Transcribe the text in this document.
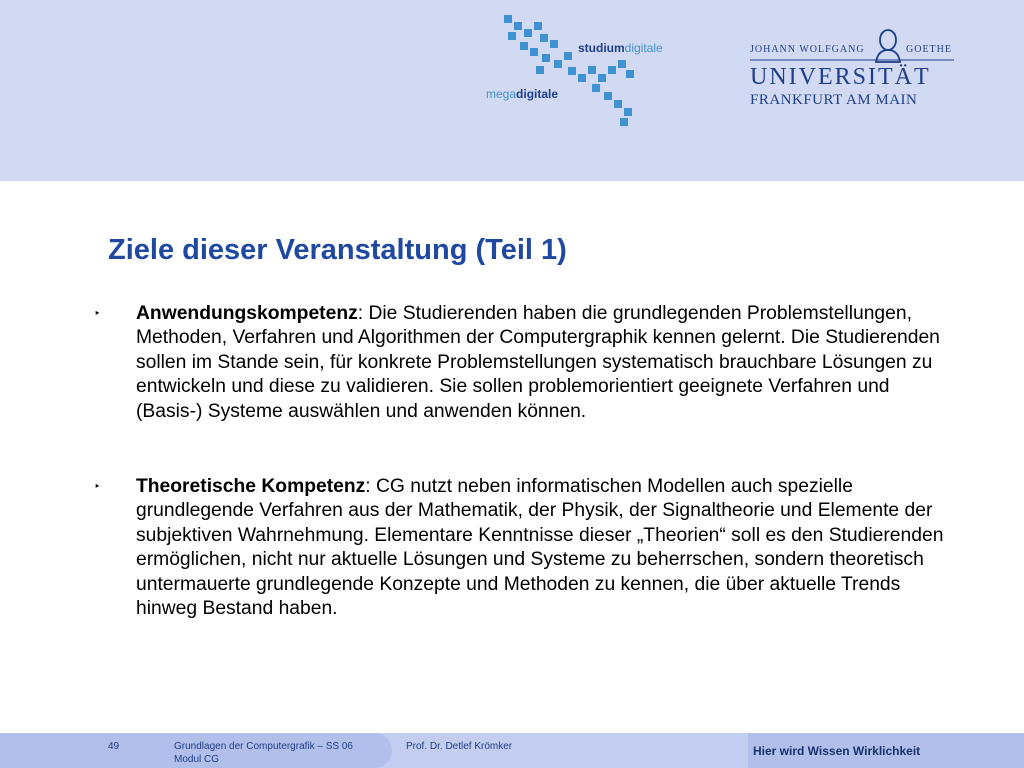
studiumdigitale
megadigitale
JOHANN WOLFGANG	GOETHE
UNIVERSITÄT
FRANKFURT AM MAIN
Ziele dieser Veranstaltung (Teil 1)
‣ Anwendungskompetenz: Die Studierenden haben die grundlegenden Problemstellungen, Methoden, Verfahren und Algorithmen der Computergraphik kennen gelernt. Die Studierenden sollen im Stande sein, für konkrete Problemstellungen systematisch brauchbare Lösungen zu entwickeln und diese zu validieren. Sie sollen problemorientiert geeignete Verfahren und (Basis-) Systeme auswählen und anwenden können.
‣ Theoretische Kompetenz: CG nutzt neben informatischen Modellen auch spezielle grundlegende Verfahren aus der Mathematik, der Physik, der Signaltheorie und Elemente der subjektiven Wahrnehmung. Elementare Kenntnisse dieser „Theorien“ soll es den Studierenden ermöglichen, nicht nur aktuelle Lösungen und Systeme zu beherrschen, sondern theoretisch untermauerte grundlegende Konzepte und Methoden zu kennen, die über aktuelle Trends hinweg Bestand haben.
49	Grundlagen der Computergrafik – SS 06
Modul CG
Prof. Dr. Detlef Krömker	Hier wird Wissen Wirklichkeit
